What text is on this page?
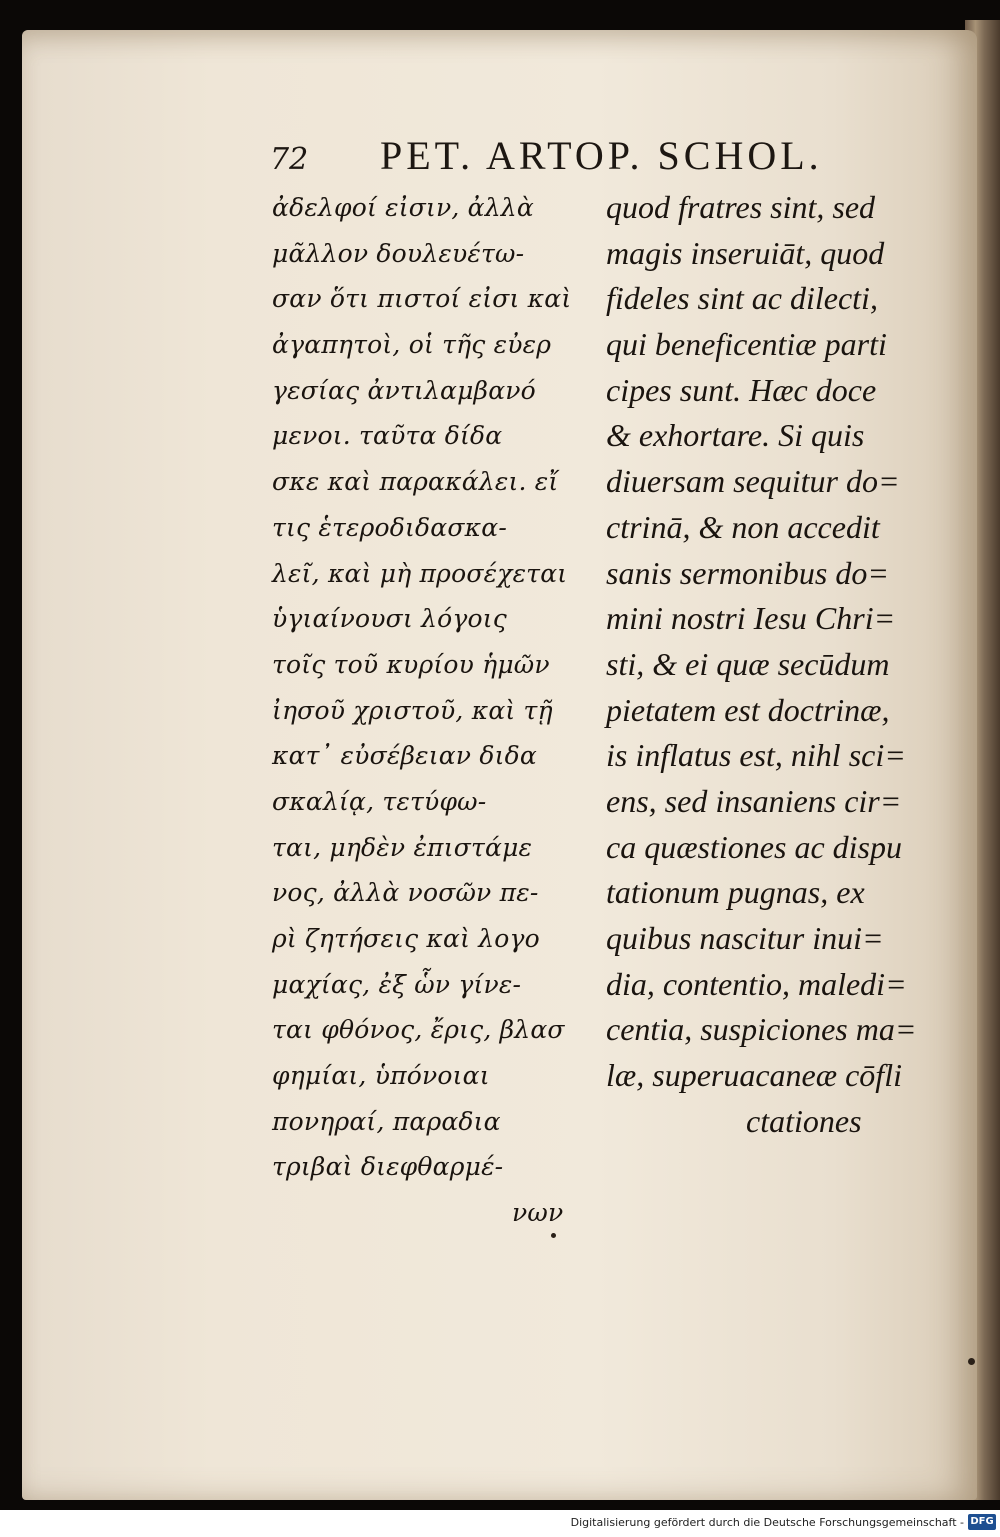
72 PET. ARTOP. SCHOL.
ἀδελφοί εἰσιν, ἀλλὰ
μᾶλλον δουλευέτω-
σαν ὅτι πιστοί εἰσι καὶ
ἀγαπητοὶ, οἱ τῆς εὐερ
γεσίας ἀντιλαμβανό
μενοι. ταῦτα δίδα
σκε καὶ παρακάλει. εἴ
τις ἑτεροδιδασκα-
λεῖ, καὶ μὴ προσέχεται
ὑγιαίνουσι λόγοις
τοῖς τοῦ κυρίου ἡμῶν
ἰησοῦ χριστοῦ, καὶ τῇ
κατ᾽ εὐσέβειαν διδα
σκαλίᾳ, τετύφω-
ται, μηδὲν ἐπιστάμε
νος, ἀλλὰ νοσῶν πε-
ρὶ ζητήσεις καὶ λογο
μαχίας, ἐξ ὧν γίνε-
ται φθόνος, ἔρις, βλασ
φημίαι, ὑπόνοιαι
πονηραί, παραδια
τριβαὶ διεφθαρμέ-
νων
quod fratres sint, sed
magis inseruiāt, quod
fideles sint ac dilecti,
qui beneficentiæ parti
cipes sunt. Hæc doce
& exhortare. Si quis
diuersam sequitur do=
ctrinā, & non accedit
sanis sermonibus do=
mini nostri Iesu Chri=
sti, & ei quæ secūdum
pietatem est doctrinæ,
is inflatus est, nihl sci=
ens, sed insaniens cir=
ca quæstiones ac dispu
tationum pugnas, ex
quibus nascitur inui=
dia, contentio, maledi=
centia, suspiciones ma=
læ, superuacaneæ cōfli
ctationes
Digitalisierung gefördert durch die Deutsche Forschungsgemeinschaft - DFG
